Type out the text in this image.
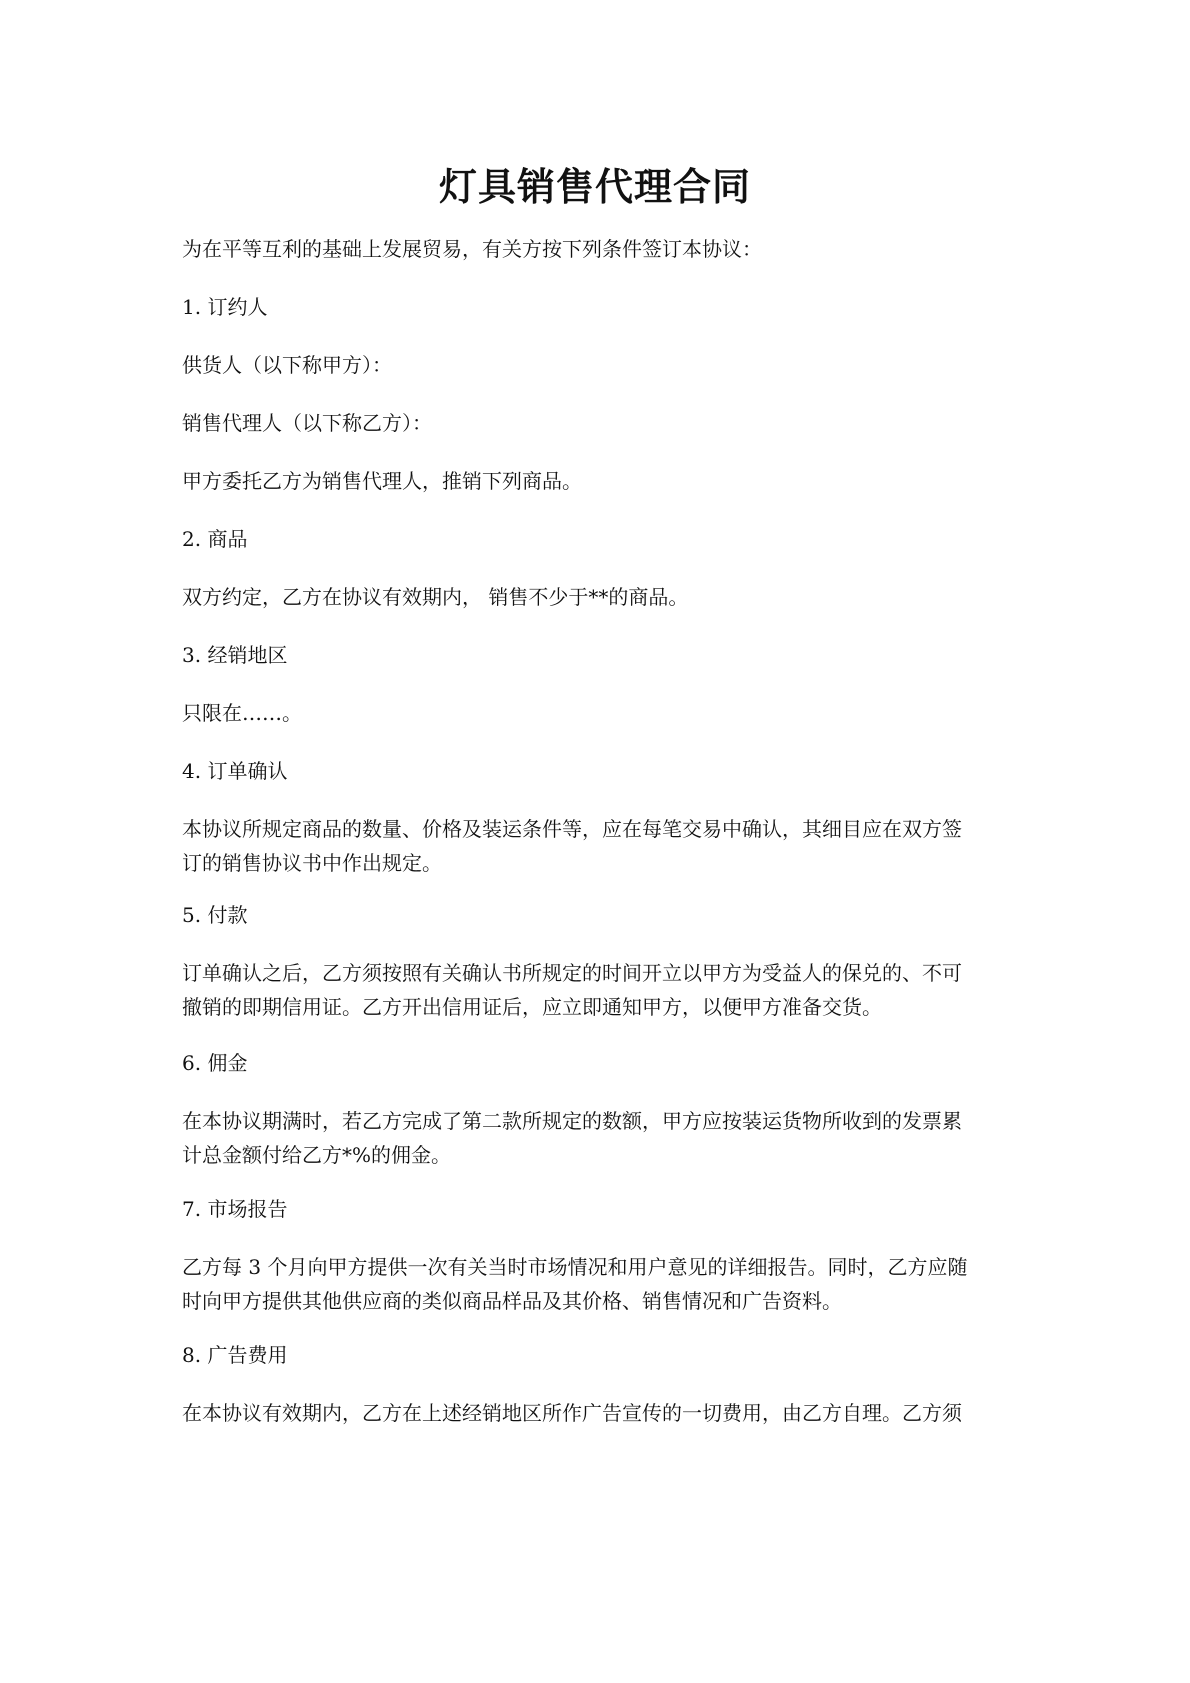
灯具销售代理合同

为在平等互利的基础上发展贸易，有关方按下列条件签订本协议：

1. 订约人

供货人（以下称甲方）：

销售代理人（以下称乙方）：

甲方委托乙方为销售代理人，推销下列商品。

2. 商品

双方约定，乙方在协议有效期内， 销售不少于**的商品。

3. 经销地区

只限在……。

4. 订单确认

本协议所规定商品的数量、价格及装运条件等，应在每笔交易中确认，其细目应在双方签
订的销售协议书中作出规定。

5. 付款

订单确认之后，乙方须按照有关确认书所规定的时间开立以甲方为受益人的保兑的、不可
撤销的即期信用证。乙方开出信用证后，应立即通知甲方，以便甲方准备交货。

6. 佣金

在本协议期满时，若乙方完成了第二款所规定的数额，甲方应按装运货物所收到的发票累
计总金额付给乙方*%的佣金。

7. 市场报告

乙方每 3 个月向甲方提供一次有关当时市场情况和用户意见的详细报告。同时，乙方应随
时向甲方提供其他供应商的类似商品样品及其价格、销售情况和广告资料。

8. 广告费用

在本协议有效期内，乙方在上述经销地区所作广告宣传的一切费用，由乙方自理。乙方须
